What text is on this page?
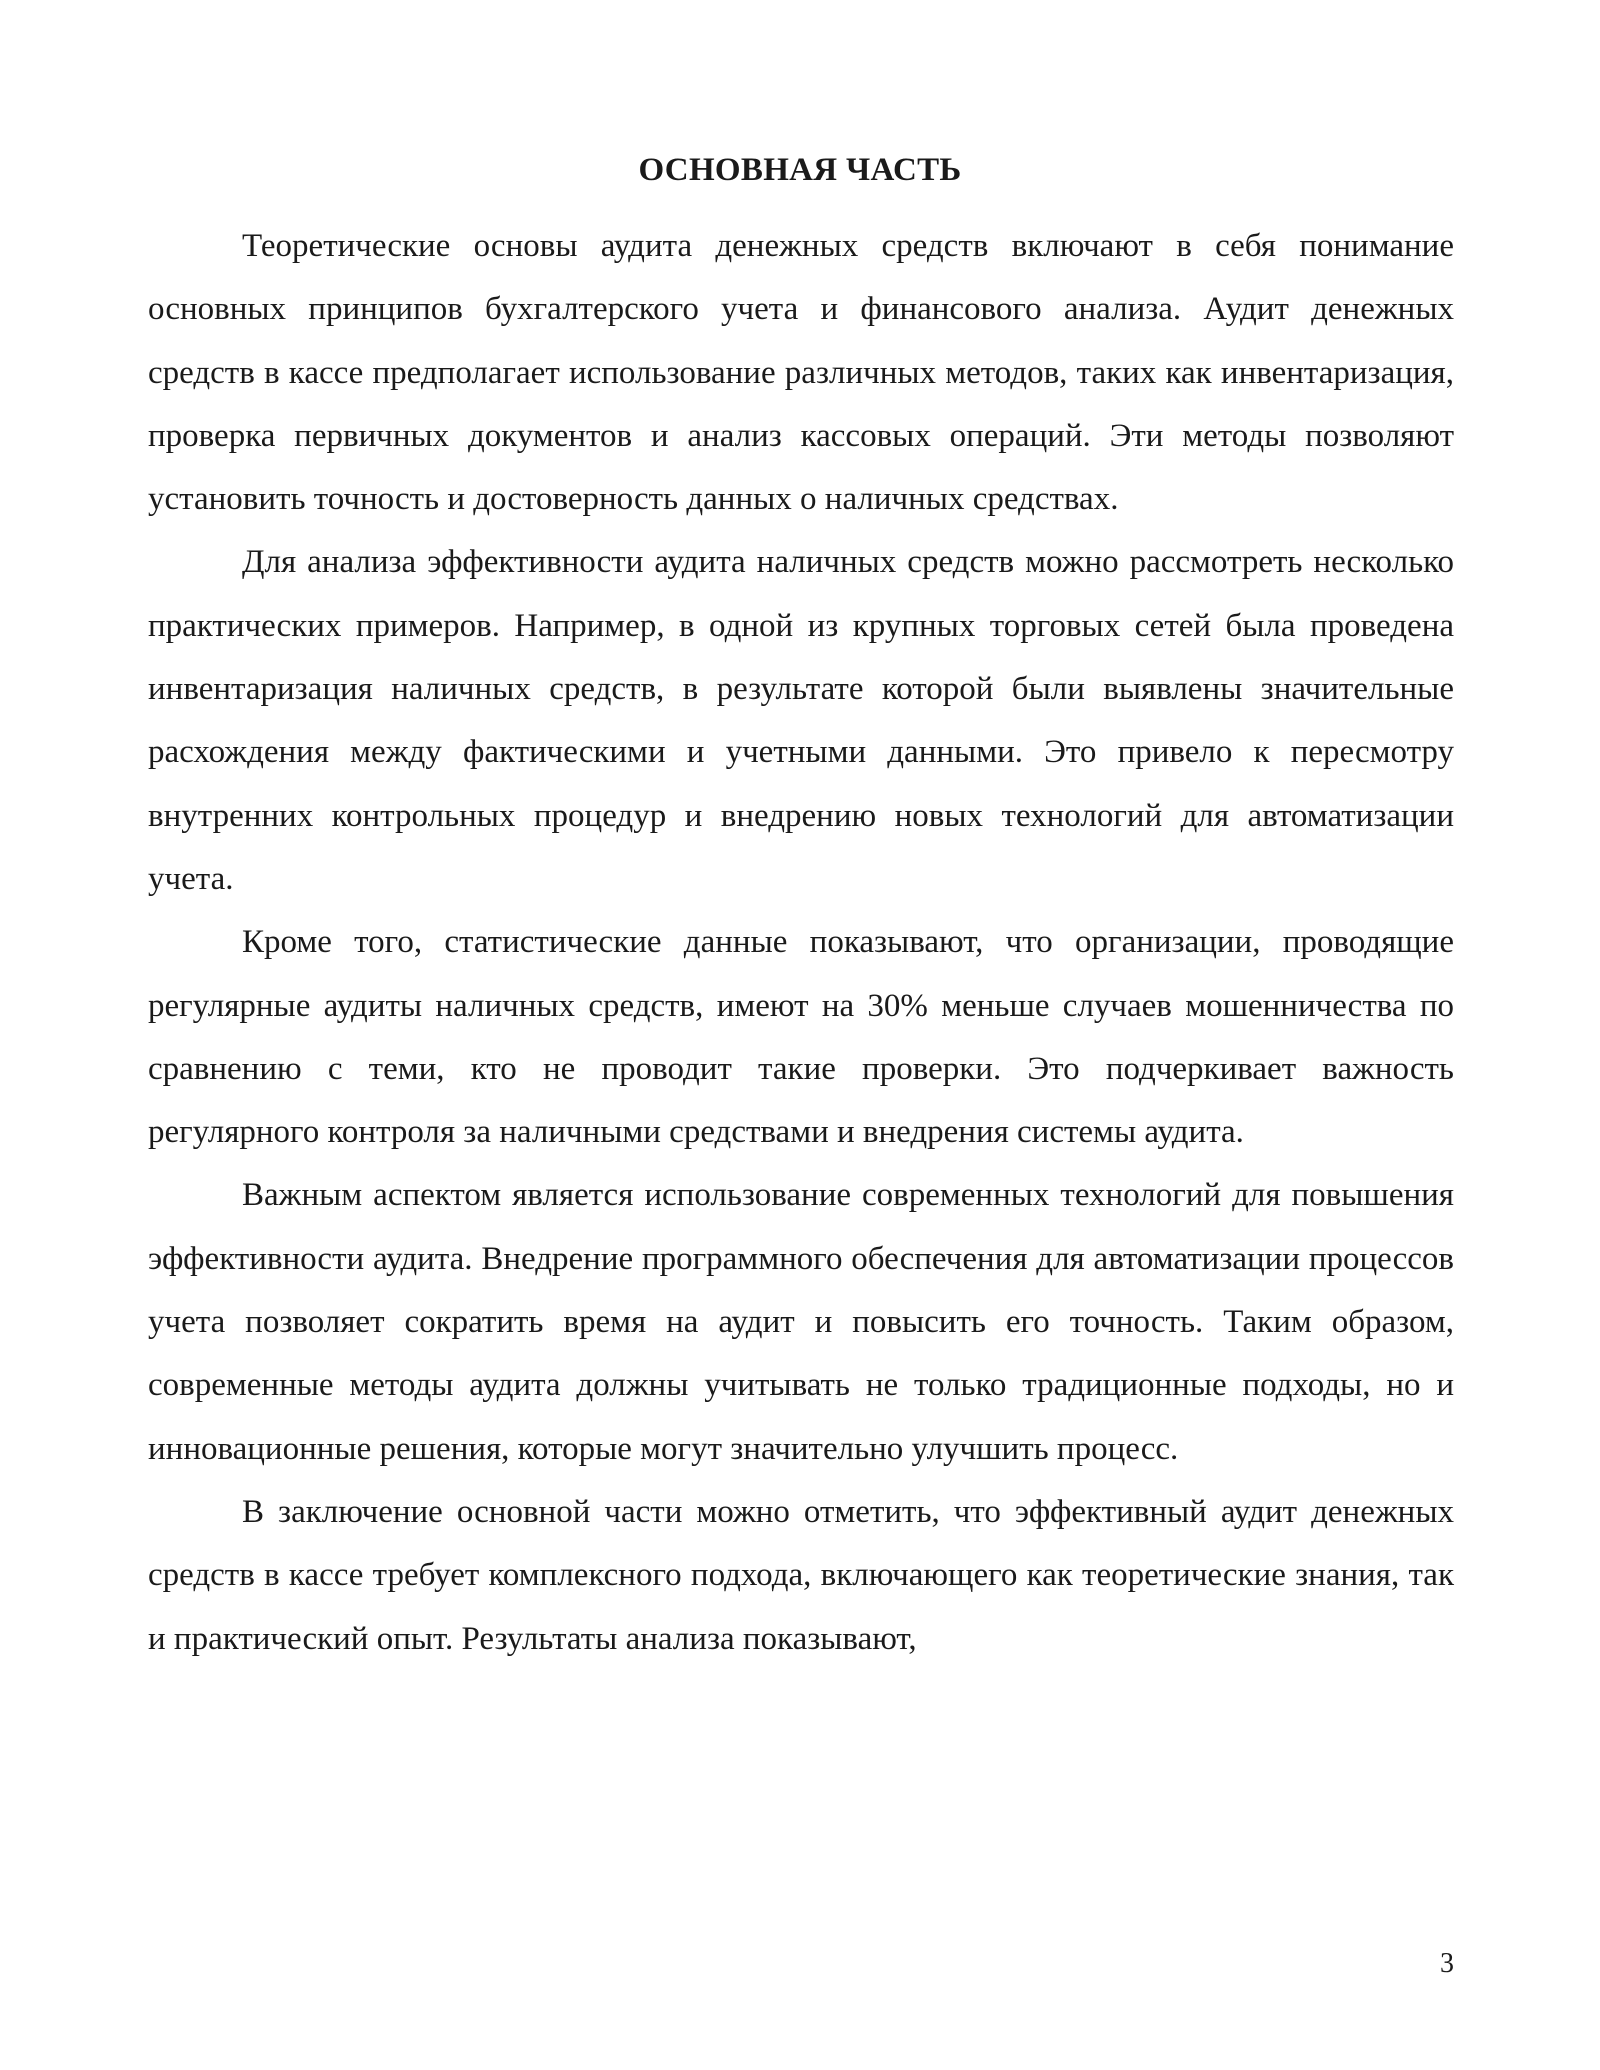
ОСНОВНАЯ ЧАСТЬ

Теоретические основы аудита денежных средств включают в себя понимание основных принципов бухгалтерского учета и финансового анализа. Аудит денежных средств в кассе предполагает использование различных методов, таких как инвентаризация, проверка первичных документов и анализ кассовых операций. Эти методы позволяют установить точность и достоверность данных о наличных средствах.

Для анализа эффективности аудита наличных средств можно рассмотреть несколько практических примеров. Например, в одной из крупных торговых сетей была проведена инвентаризация наличных средств, в результате которой были выявлены значительные расхождения между фактическими и учетными данными. Это привело к пересмотру внутренних контрольных процедур и внедрению новых технологий для автоматизации учета.

Кроме того, статистические данные показывают, что организации, проводящие регулярные аудиты наличных средств, имеют на 30% меньше случаев мошенничества по сравнению с теми, кто не проводит такие проверки. Это подчеркивает важность регулярного контроля за наличными средствами и внедрения системы аудита.

Важным аспектом является использование современных технологий для повышения эффективности аудита. Внедрение программного обеспечения для автоматизации процессов учета позволяет сократить время на аудит и повысить его точность. Таким образом, современные методы аудита должны учитывать не только традиционные подходы, но и инновационные решения, которые могут значительно улучшить процесс.

В заключение основной части можно отметить, что эффективный аудит денежных средств в кассе требует комплексного подхода, включающего как теоретические знания, так и практический опыт. Результаты анализа показывают,

3
